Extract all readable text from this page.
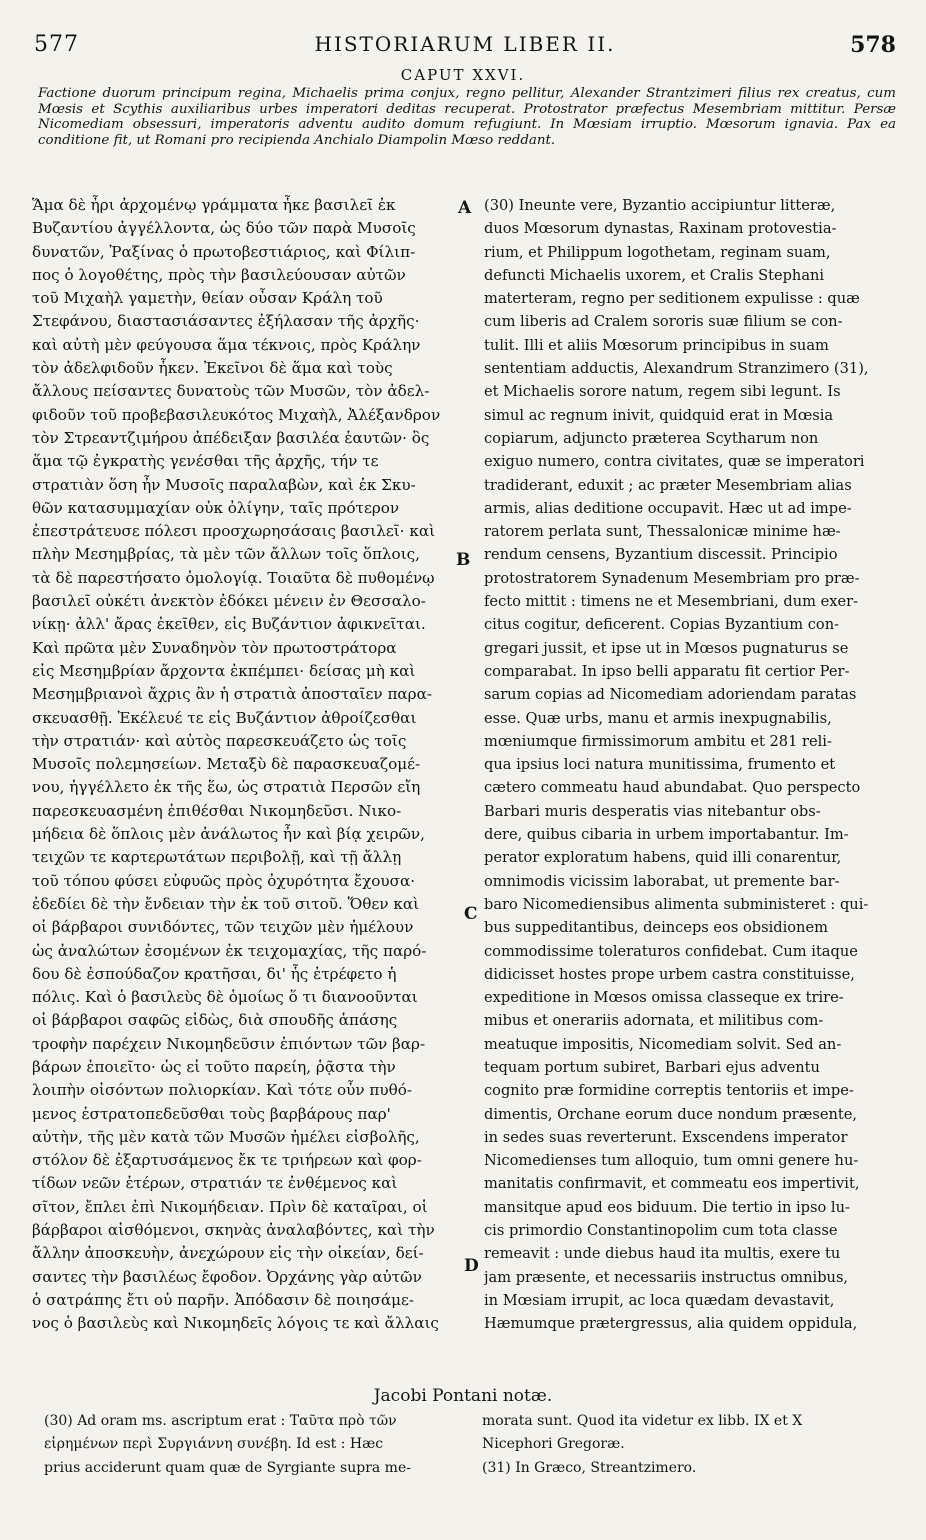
577	HISTORIARUM LIBER II.	578
CAPUT XXVI.
Factione duorum principum regina, Michaelis prima conjux, regno pellitur, Alexander Strantzimeri filius rex creatus, cum Mœsis et Scythis auxiliaribus urbes imperatori deditas recuperat. Protostrator præfectus Mesembriam mittitur. Persæ Nicomediam obsessuri, imperatoris adventu audito domum refugiunt. In Mœsiam irruptio. Mœsorum ignavia. Pax ea conditione fit, ut Romani pro recipienda Anchialo Diampolin Mœso reddant.
Ἅμα δὲ ἦρι ἀρχομένῳ γράμματα ἧκε βασιλεῖ ἐκ
Βυζαντίου ἀγγέλλοντα, ὡς δύο τῶν παρὰ Μυσοῖς
δυνατῶν, Ῥαξίνας ὁ πρωτοβεστιάριος, καὶ Φίλιπ-
πος ὁ λογοθέτης, πρὸς τὴν βασιλεύουσαν αὐτῶν
τοῦ Μιχαὴλ γαμετὴν, θείαν οὖσαν Κράλη τοῦ
Στεφάνου, διαστασιάσαντες ἐξήλασαν τῆς ἀρχῆς·
καὶ αὐτὴ μὲν φεύγουσα ἅμα τέκνοις, πρὸς Κράλην
τὸν ἀδελφιδοῦν ἧκεν. Ἐκεῖνοι δὲ ἅμα καὶ τοὺς
ἄλλους πείσαντες δυνατοὺς τῶν Μυσῶν, τὸν ἀδελ-
φιδοῦν τοῦ προβεβασιλευκότος Μιχαὴλ, Ἀλέξανδρον
τὸν Στρεαντζιμήρου ἀπέδειξαν βασιλέα ἑαυτῶν· ὃς
ἅμα τῷ ἐγκρατὴς γενέσθαι τῆς ἀρχῆς, τήν τε
στρατιὰν ὅση ἦν Μυσοῖς παραλαβὼν, καὶ ἐκ Σκυ-
θῶν κατασυμμαχίαν οὐκ ὀλίγην, ταῖς πρότερον
ἐπεστράτευσε πόλεσι προσχωρησάσαις βασιλεῖ· καὶ
πλὴν Μεσημβρίας, τὰ μὲν τῶν ἄλλων τοῖς ὅπλοις,
τὰ δὲ παρεστήσατο ὁμολογίᾳ. Τοιαῦτα δὲ πυθομένῳ
βασιλεῖ οὐκέτι ἀνεκτὸν ἐδόκει μένειν ἐν Θεσσαλο-
νίκῃ· ἀλλ' ἄρας ἐκεῖθεν, εἰς Βυζάντιον ἀφικνεῖται.
Καὶ πρῶτα μὲν Συναδηνὸν τὸν πρωτοστράτορα
εἰς Μεσημβρίαν ἄρχοντα ἐκπέμπει· δείσας μὴ καὶ
Μεσημβριανοὶ ἄχρις ἂν ἡ στρατιὰ ἀποσταῖεν παρα-
σκευασθῇ. Ἐκέλευέ τε εἰς Βυζάντιον ἀθροίζεσθαι
τὴν στρατιάν· καὶ αὐτὸς παρεσκευάζετο ὡς τοῖς
Μυσοῖς πολεμησείων. Μεταξὺ δὲ παρασκευαζομέ-
νου, ἠγγέλλετο ἐκ τῆς ἕω, ὡς στρατιὰ Περσῶν εἴη
παρεσκευασμένη ἐπιθέσθαι Νικομηδεῦσι. Νικο-
μήδεια δὲ ὅπλοις μὲν ἀνάλωτος ἦν καὶ βίᾳ χειρῶν,
τειχῶν τε καρτερωτάτων περιβολῇ, καὶ τῇ ἄλλῃ
τοῦ τόπου φύσει εὐφυῶς πρὸς ὀχυρότητα ἔχουσα·
ἐδεδίει δὲ τὴν ἔνδειαν τὴν ἐκ τοῦ σιτοῦ. Ὅθεν καὶ
οἱ βάρβαροι συνιδόντες, τῶν τειχῶν μὲν ἠμέλουν
ὡς ἀναλώτων ἐσομένων ἐκ τειχομαχίας, τῆς παρό-
δου δὲ ἐσπούδαζον κρατῆσαι, δι' ἧς ἐτρέφετο ἡ
πόλις. Καὶ ὁ βασιλεὺς δὲ ὁμοίως ὅ τι διανοοῦνται
οἱ βάρβαροι σαφῶς εἰδὼς, διὰ σπουδῆς ἁπάσης
τροφὴν παρέχειν Νικομηδεῦσιν ἐπιόντων τῶν βαρ-
βάρων ἐποιεῖτο· ὡς εἰ τοῦτο παρείη, ῥᾷστα τὴν
λοιπὴν οἰσόντων πολιορκίαν. Καὶ τότε οὖν πυθό-
μενος ἐστρατοπεδεῦσθαι τοὺς βαρβάρους παρ'
αὐτὴν, τῆς μὲν κατὰ τῶν Μυσῶν ἠμέλει εἰσβολῆς,
στόλον δὲ ἐξαρτυσάμενος ἔκ τε τριήρεων καὶ φορ-
τίδων νεῶν ἑτέρων, στρατιάν τε ἐνθέμενος καὶ
σῖτον, ἔπλει ἐπὶ Νικομήδειαν. Πρὶν δὲ καταῖραι, οἱ
βάρβαροι αἰσθόμενοι, σκηνὰς ἀναλαβόντες, καὶ τὴν
ἄλλην ἀποσκευὴν, ἀνεχώρουν εἰς τὴν οἰκείαν, δεί-
σαντες τὴν βασιλέως ἔφοδον. Ὀρχάνης γὰρ αὐτῶν
ὁ σατράπης ἔτι οὐ παρῆν. Ἀπόδασιν δὲ ποιησάμε-
νος ὁ βασιλεὺς καὶ Νικομηδεῖς λόγοις τε καὶ ἄλλαις
(30) Ineunte vere, Byzantio accipiuntur litteræ,
duos Mœsorum dynastas, Raxinam protovestia-
rium, et Philippum logothetam, reginam suam,
defuncti Michaelis uxorem, et Cralis Stephani
materteram, regno per seditionem expulisse : quæ
cum liberis ad Cralem sororis suæ filium se con-
tulit. Illi et aliis Mœsorum principibus in suam
sententiam adductis, Alexandrum Stranzimero (31),
et Michaelis sorore natum, regem sibi legunt. Is
simul ac regnum inivit, quidquid erat in Mœsia
copiarum, adjuncto præterea Scytharum non
exiguo numero, contra civitates, quæ se imperatori
tradiderant, eduxit ; ac præter Mesembriam alias
armis, alias deditione occupavit. Hæc ut ad impe-
ratorem perlata sunt, Thessalonicæ minime hæ-
rendum censens, Byzantium discessit. Principio
protostratorem Synadenum Mesembriam pro præ-
fecto mittit : timens ne et Mesembriani, dum exer-
citus cogitur, deficerent. Copias Byzantium con-
gregari jussit, et ipse ut in Mœsos pugnaturus se
comparabat. In ipso belli apparatu fit certior Per-
sarum copias ad Nicomediam adoriendam paratas
esse. Quæ urbs, manu et armis inexpugnabilis,
mœniumque firmissimorum ambitu et 281 reli-
qua ipsius loci natura munitissima, frumento et
cætero commeatu haud abundabat. Quo perspecto
Barbari muris desperatis vias nitebantur obs-
dere, quibus cibaria in urbem importabantur. Im-
perator exploratum habens, quid illi conarentur,
omnimodis vicissim laborabat, ut premente bar-
baro Nicomediensibus alimenta subministeret : qui-
bus suppeditantibus, deinceps eos obsidionem
commodissime toleraturos confidebat. Cum itaque
didicisset hostes prope urbem castra constituisse,
expeditione in Mœsos omissa classeque ex trire-
mibus et onerariis adornata, et militibus com-
meatuque impositis, Nicomediam solvit. Sed an-
tequam portum subiret, Barbari ejus adventu
cognito præ formidine correptis tentoriis et impe-
dimentis, Orchane eorum duce nondum præsente,
in sedes suas reverterunt. Exscendens imperator
Nicomedienses tum alloquio, tum omni genere hu-
manitatis confirmavit, et commeatu eos impertivit,
mansitque apud eos biduum. Die tertio in ipso lu-
cis primordio Constantinopolim cum tota classe
remeavit : unde diebus haud ita multis, exere tu
jam præsente, et necessariis instructus omnibus,
in Mœsiam irrupit, ac loca quædam devastavit,
Hæmumque prætergressus, alia quidem oppidula,
A
B
C
D
Jacobi Pontani notæ.
(30) Ad oram ms. ascriptum erat : Ταῦτα πρὸ τῶν
εἰρημένων περὶ Συργιάννη συνέβη. Id est : Hæc
prius acciderunt quam quæ de Syrgiante supra me-
morata sunt. Quod ita videtur ex libb. IX et X
Nicephori Gregoræ.
(31) In Græco, Streantzimero.
